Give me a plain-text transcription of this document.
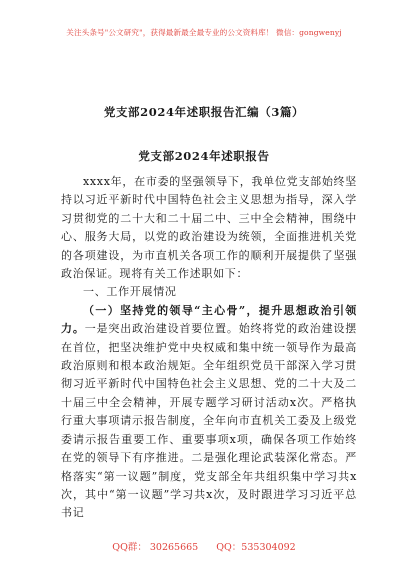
关注头条号"公文研究"，获得最新最全最专业的公文资料库！ 微信：gongwenyj
党支部2024年述职报告汇编（3篇）
党支部2024年述职报告

xxxx年，在市委的坚强领导下，我单位党支部始终坚持以习近平新时代中国特色社会主义思想为指导，深入学习贯彻党的二十大和二十届二中、三中全会精神，围绕中心、服务大局，以党的政治建设为统领，全面推进机关党的各项建设，为市直机关各项工作的顺利开展提供了坚强政治保证。现将有关工作述职如下：

一、工作开展情况

（一）坚持党的领导“主心骨”，提升思想政治引领力。一是突出政治建设首要位置。始终将党的政治建设摆在首位，把坚决维护党中央权威和集中统一领导作为最高政治原则和根本政治规矩。全年组织党员干部深入学习贯彻习近平新时代中国特色社会主义思想、党的二十大及二十届三中全会精神，开展专题学习研讨活动x次。严格执行重大事项请示报告制度，全年向市直机关工委及上级党委请示报告重要工作、重要事项x项，确保各项工作始终在党的领导下有序推进。二是强化理论武装深化常态。严格落实“第一议题”制度，党支部全年共组织集中学习共x次，其中“第一议题”学习共x次，及时跟进学习习近平总书记

QQ群： 30265665 QQ：535304092
